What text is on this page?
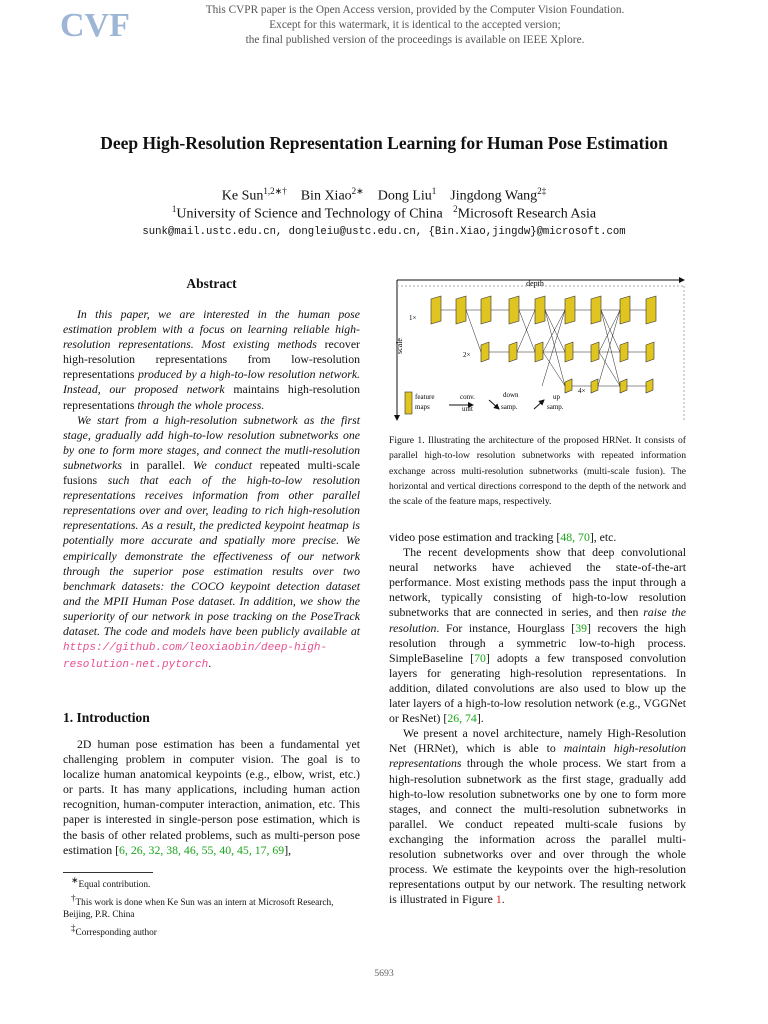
CVF	This CVPR paper is the Open Access version, provided by the Computer Vision Foundation.
Except for this watermark, it is identical to the accepted version;
the final published version of the proceedings is available on IEEE Xplore.
Deep High-Resolution Representation Learning for Human Pose Estimation
Ke Sun$^{1,2∗\dagger}$ Bin Xiao$^{2∗}$ Dong Liu$^1$ Jingdong Wang$^{2\ddagger}$
$^1$University of Science and Technology of China $^2$Microsoft Research Asia
sunk@mail.ustc.edu.cn, dongleiu@ustc.edu.cn, {Bin.Xiao,jingdw}@microsoft.com
Abstract

In this paper, we are interested in the human pose estimation problem with a focus on learning reliable high-resolution representations. Most existing methods recover high-resolution representations from low-resolution representations produced by a high-to-low resolution network. Instead, our proposed network maintains high-resolution representations through the whole process.

We start from a high-resolution subnetwork as the first stage, gradually add high-to-low resolution subnetworks one by one to form more stages, and connect the mutli-resolution subnetworks in parallel. We conduct repeated multi-scale fusions such that each of the high-to-low resolution representations receives information from other parallel representations over and over, leading to rich high-resolution representations. As a result, the predicted keypoint heatmap is potentially more accurate and spatially more precise. We empirically demonstrate the effectiveness of our network through the superior pose estimation results over two benchmark datasets: the COCO keypoint detection dataset and the MPII Human Pose dataset. In addition, we show the superiority of our network in pose tracking on the PoseTrack dataset. The code and models have been publicly available at https://github.com/leoxiaobin/deep-high-resolution-net.pytorch.

1. Introduction

2D human pose estimation has been a fundamental yet challenging problem in computer vision. The goal is to localize human anatomical keypoints (e.g., elbow, wrist, etc.) or parts. It has many applications, including human action recognition, human-computer interaction, animation, etc. This paper is interested in single-person pose estimation, which is the basis of other related problems, such as multi-person pose estimation [6, 26, 32, 38, 46, 55, 40, 45, 17, 69],

∗Equal contribution.
†This work is done when Ke Sun was an intern at Microsoft Research, Beijing, P.R. China
‡Corresponding author
depth
scale
1×
2×
4×
feature
maps
conv.
unit
down
samp.
up
samp.
Figure 1. Illustrating the architecture of the proposed HRNet. It consists of parallel high-to-low resolution subnetworks with repeated information exchange across multi-resolution subnetworks (multi-scale fusion). The horizontal and vertical directions correspond to the depth of the network and the scale of the feature maps, respectively.

video pose estimation and tracking [48, 70], etc.

The recent developments show that deep convolutional neural networks have achieved the state-of-the-art performance. Most existing methods pass the input through a network, typically consisting of high-to-low resolution subnetworks that are connected in series, and then raise the resolution. For instance, Hourglass [39] recovers the high resolution through a symmetric low-to-high process. SimpleBaseline [70] adopts a few transposed convolution layers for generating high-resolution representations. In addition, dilated convolutions are also used to blow up the later layers of a high-to-low resolution network (e.g., VGGNet or ResNet) [26, 74].

We present a novel architecture, namely High-Resolution Net (HRNet), which is able to maintain high-resolution representations through the whole process. We start from a high-resolution subnetwork as the first stage, gradually add high-to-low resolution subnetworks one by one to form more stages, and connect the multi-resolution subnetworks in parallel. We conduct repeated multi-scale fusions by exchanging the information across the parallel multi-resolution subnetworks over and over through the whole process. We estimate the keypoints over the high-resolution representations output by our network. The resulting network is illustrated in Figure 1.

5693
